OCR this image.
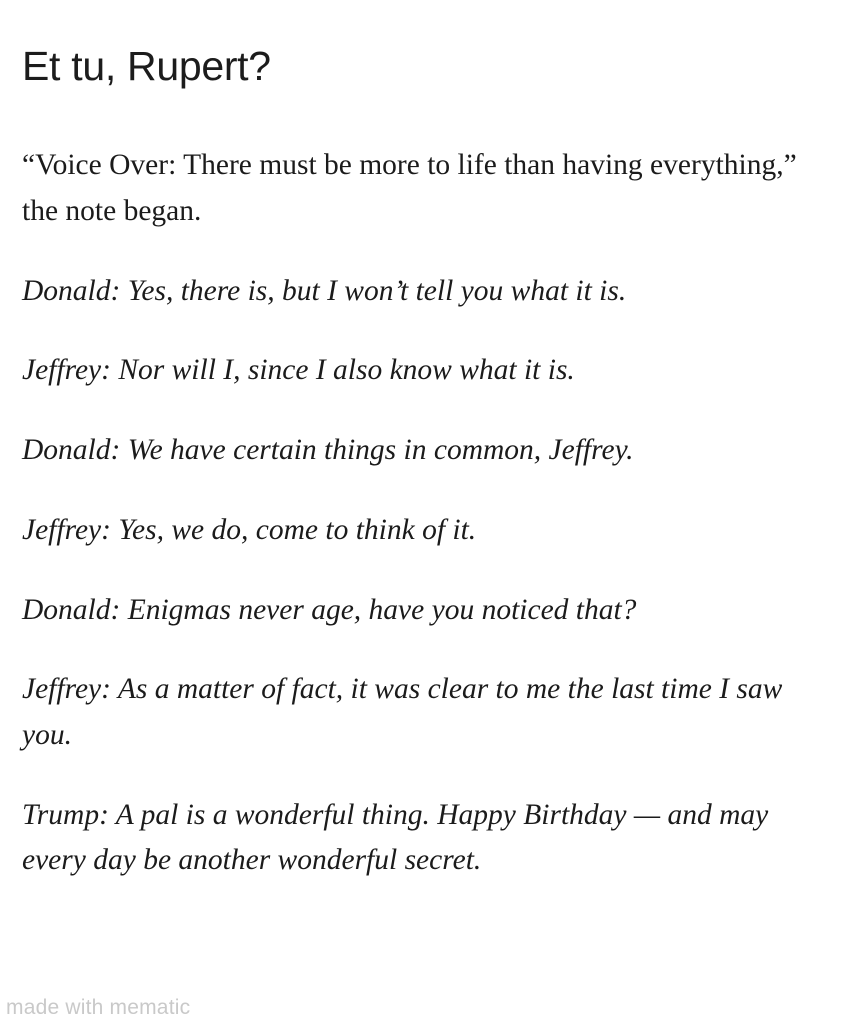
Et tu, Rupert?

“Voice Over: There must be more to life than having everything,” the note began.

Donald: Yes, there is, but I won’t tell you what it is.

Jeffrey: Nor will I, since I also know what it is.

Donald: We have certain things in common, Jeffrey.

Jeffrey: Yes, we do, come to think of it.

Donald: Enigmas never age, have you noticed that?

Jeffrey: As a matter of fact, it was clear to me the last time I saw you.

Trump: A pal is a wonderful thing. Happy Birthday — and may every day be another wonderful secret.

made with mematic
